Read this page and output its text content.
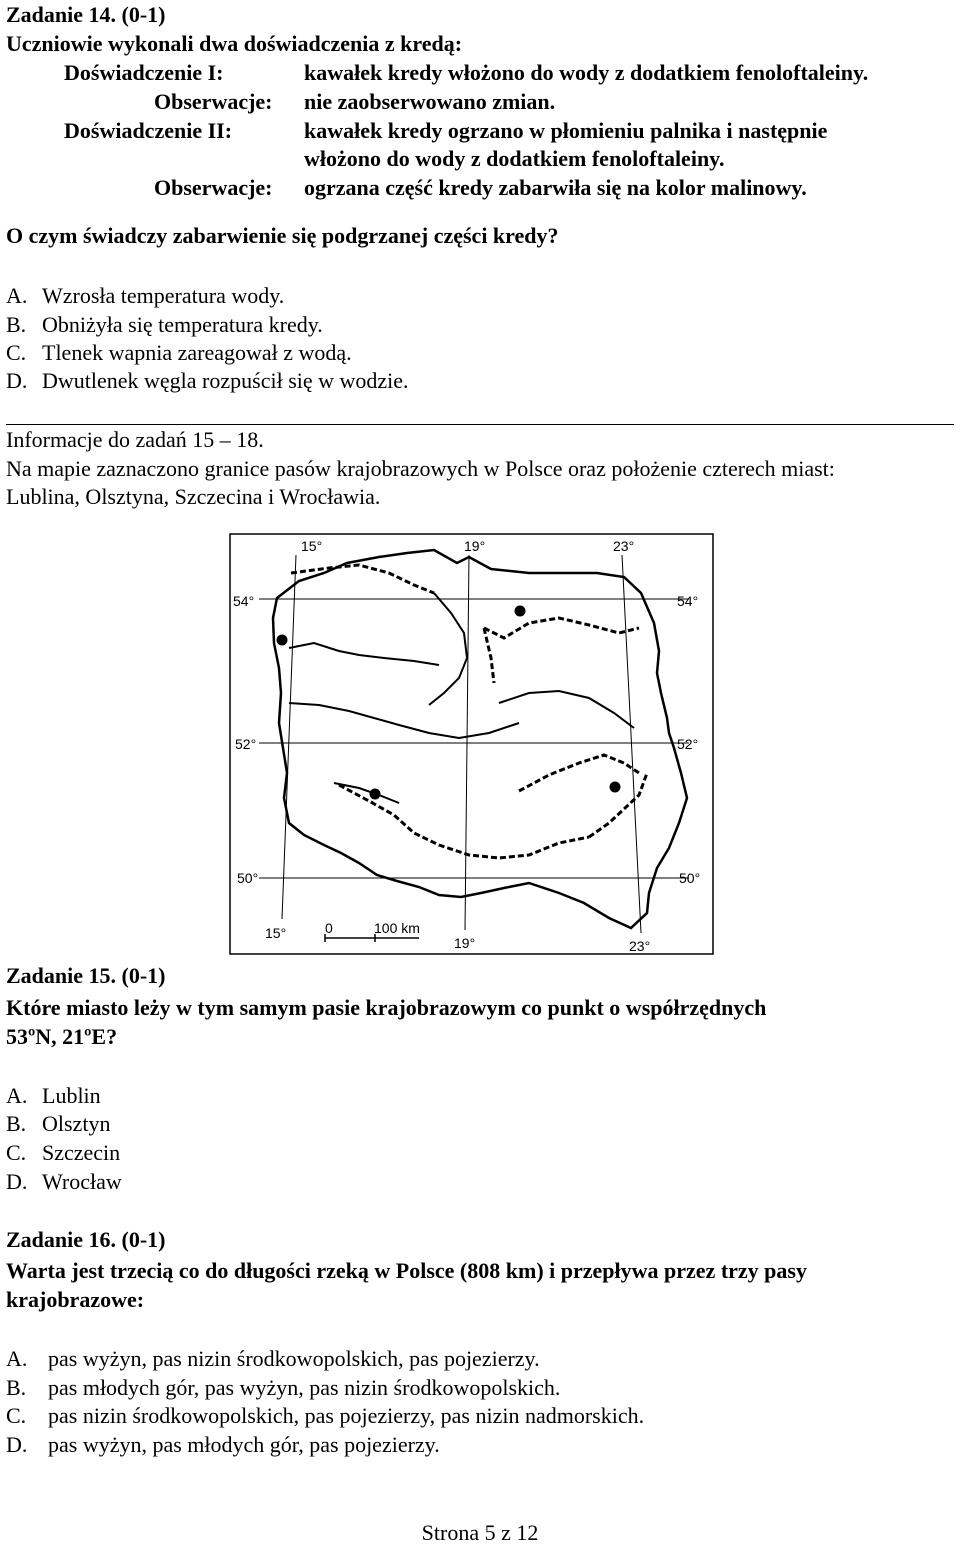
Zadanie 14. (0-1)
Uczniowie wykonali dwa doświadczenia z kredą:
Doświadczenie I:	kawałek kredy włożono do wody z dodatkiem fenoloftaleiny.
Obserwacje: nie zaobserwowano zmian.
Doświadczenie II:	kawałek kredy ogrzano w płomieniu palnika i następnie
włożono do wody z dodatkiem fenoloftaleiny.
Obserwacje: ogrzana część kredy zabarwiła się na kolor malinowy.
O czym świadczy zabarwienie się podgrzanej części kredy?
A. Wzrosła temperatura wody.
B. Obniżyła się temperatura kredy.
C. Tlenek wapnia zareagował z wodą.
D. Dwutlenek węgla rozpuścił się w wodzie.
Informacje do zadań 15 – 18.
Na mapie zaznaczono granice pasów krajobrazowych w Polsce oraz położenie czterech miast:
Lublina, Olsztyna, Szczecina i Wrocławia.
15°	19°	23°
54°
52°
50°
54°
52°
50°
15°
19°	23°
0	100 km
Zadanie 15. (0-1)
Które miasto leży w tym samym pasie krajobrazowym co punkt o współrzędnych
53ºN, 21ºE?
A. Lublin
B. Olsztyn
C. Szczecin
D. Wrocław
Zadanie 16. (0-1)
Warta jest trzecią co do długości rzeką w Polsce (808 km) i przepływa przez trzy pasy
krajobrazowe:
A. pas wyżyn, pas nizin środkowopolskich, pas pojezierzy.
B. pas młodych gór, pas wyżyn, pas nizin środkowopolskich.
C. pas nizin środkowopolskich, pas pojezierzy, pas nizin nadmorskich.
D. pas wyżyn, pas młodych gór, pas pojezierzy.
Strona 5 z 12
